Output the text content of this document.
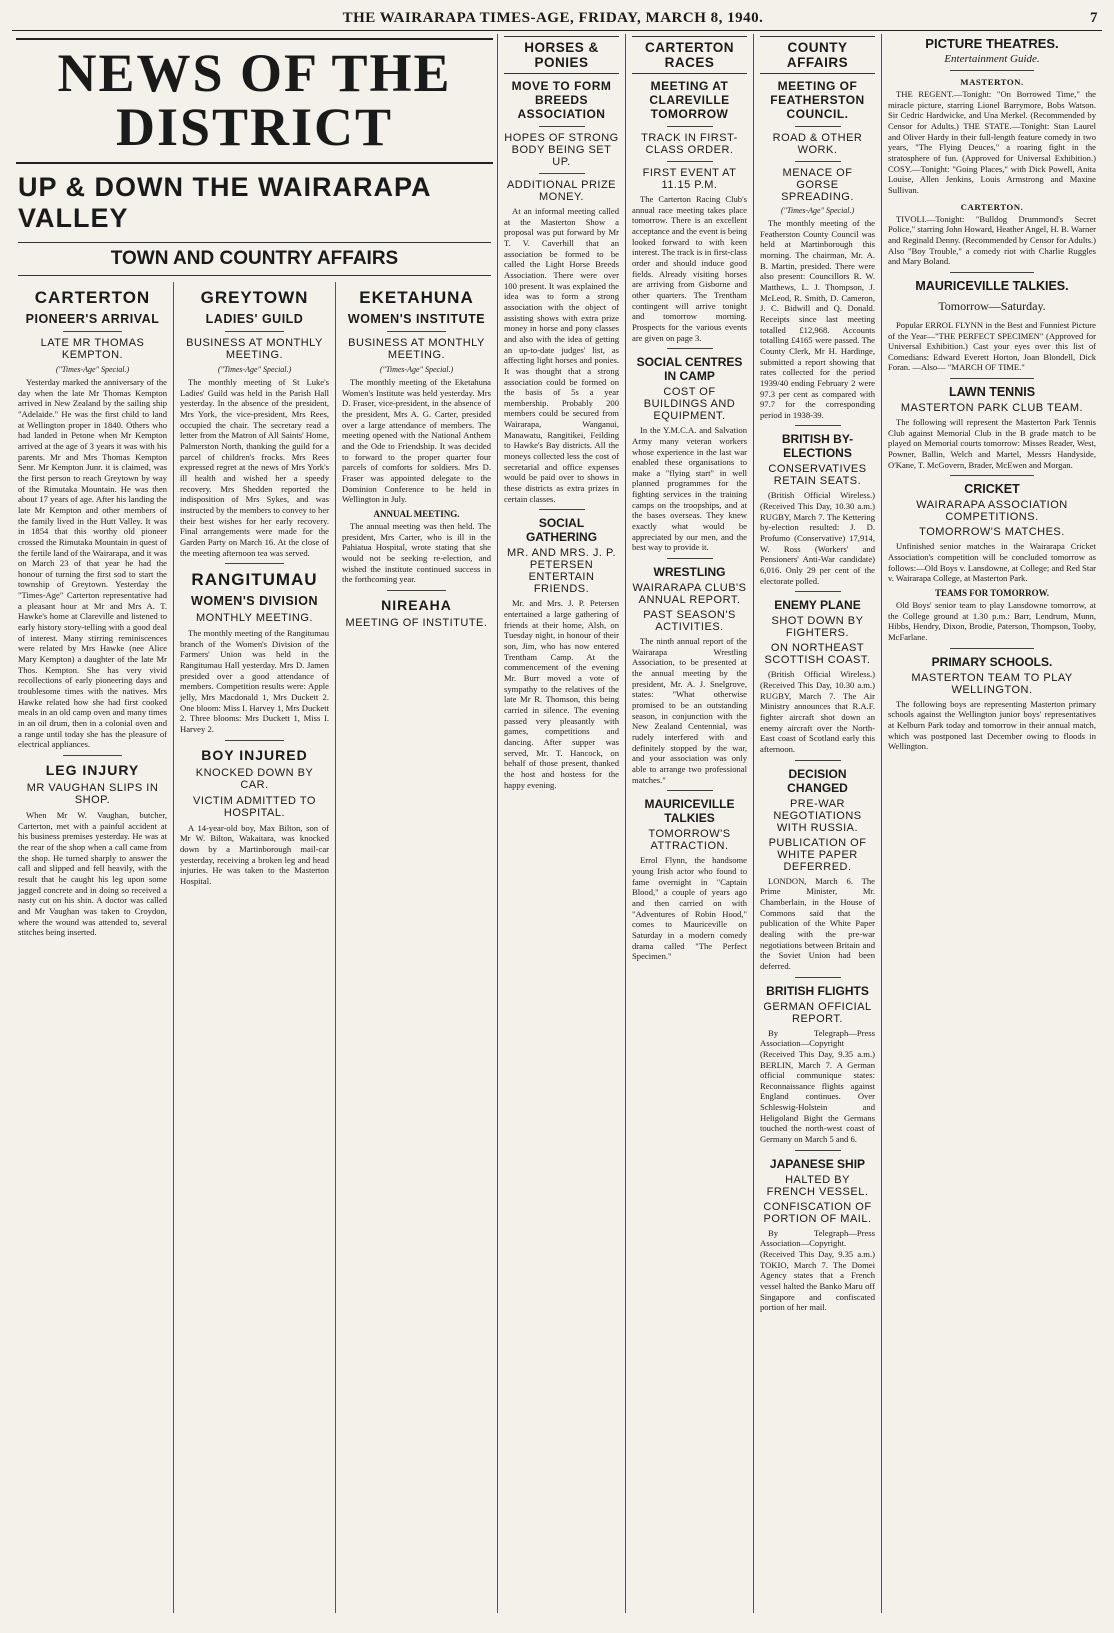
THE WAIRARAPA TIMES-AGE, FRIDAY, MARCH 8, 1940.	7
NEWS OF THE DISTRICT
UP & DOWN THE WAIRARAPA VALLEY
TOWN AND COUNTRY AFFAIRS
CARTERTON
PIONEER'S ARRIVAL
LATE MR THOMAS KEMPTON.
("Times-Age" Special.)

Yesterday marked the anniversary of the day when the late Mr Thomas Kempton arrived in New Zealand by the sailing ship "Adelaide." He was the first child to land at Wellington proper in 1840. Others who had landed in Petone when Mr Kempton arrived at the age of 3 years it was with his parents. Mr and Mrs Thomas Kempton Senr. Mr Kempton Junr. it is claimed, was the first person to reach Greytown by way of the Rimutaka Mountain. He was then about 17 years of age. After his landing the late Mr Kempton and other members of the family lived in the Hutt Valley. It was in 1854 that this worthy old pioneer crossed the Rimutaka Mountain in quest of the fertile land of the Wairarapa, and it was on March 23 of that year he had the honour of turning the first sod to start the township of Greytown. Yesterday the "Times-Age" Carterton representative had a pleasant hour at Mr and Mrs A. T. Hawke's home at Clareville and listened to early history story-telling with a good deal of interest. Many stirring reminiscences were related by Mrs Hawke (nee Alice Mary Kempton) a daughter of the late Mr Thos. Kempton. She has very vivid recollections of early pioneering days and troublesome times with the natives. Mrs Hawke related how she had first cooked meals in an old camp oven and many times in an oil drum, then in a colonial oven and a range until today she has the pleasure of electrical appliances.

LEG INJURY
MR VAUGHAN SLIPS IN SHOP.

When Mr W. Vaughan, butcher, Carterton, met with a painful accident at his business premises yesterday. He was at the rear of the shop when a call came from the shop. He turned sharply to answer the call and slipped and fell heavily, with the result that he caught his leg upon some jagged concrete and in doing so received a nasty cut on his shin. A doctor was called and Mr Vaughan was taken to Croydon, where the wound was attended to, several stitches being inserted.

GREYTOWN
LADIES' GUILD
BUSINESS AT MONTHLY MEETING.
("Times-Age" Special.)

The monthly meeting of St Luke's Ladies' Guild was held in the Parish Hall yesterday. In the absence of the president, Mrs York, the vice-president, Mrs Rees, occupied the chair. The secretary read a letter from the Matron of All Saints' Home, Palmerston North, thanking the guild for a parcel of children's frocks. Mrs Rees expressed regret at the news of Mrs York's ill health and wished her a speedy recovery. Mrs Shedden reported the indisposition of Mrs Sykes, and was instructed by the members to convey to her their best wishes for her early recovery. Final arrangements were made for the Garden Party on March 16. At the close of the meeting afternoon tea was served.

RANGITUMAU
WOMEN'S DIVISION
MONTHLY MEETING.

The monthly meeting of the Rangitumau branch of the Women's Division of the Farmers' Union was held in the Rangitumau Hall yesterday. Mrs D. Jamen presided over a good attendance of members. Competition results were: Apple jelly, Mrs Macdonald 1, Mrs Duckett 2. One bloom: Miss I. Harvey 1, Mrs Duckett 2. Three blooms: Mrs Duckett 1, Miss I. Harvey 2.

BOY INJURED
KNOCKED DOWN BY CAR.
VICTIM ADMITTED TO HOSPITAL.

A 14-year-old boy, Max Bilton, son of Mr W. Bilton, Wakaitara, was knocked down by a Martinborough mail-car yesterday, receiving a broken leg and head injuries. He was taken to the Masterton Hospital.

EKETAHUNA
WOMEN'S INSTITUTE
BUSINESS AT MONTHLY MEETING.
("Times-Age" Special.)

The monthly meeting of the Eketahuna Women's Institute was held yesterday. Mrs D. Fraser, vice-president, in the absence of the president, Mrs A. G. Carter, presided over a large attendance of members. The meeting opened with the National Anthem and the Ode to Friendship. It was decided to forward to the proper quarter four parcels of comforts for soldiers. Mrs D. Fraser was appointed delegate to the Dominion Conference to be held in Wellington in July.

ANNUAL MEETING.

The annual meeting was then held. The president, Mrs Carter, who is ill in the Pahiatua Hospital, wrote stating that she would not be seeking re-election, and wished the institute continued success in the forthcoming year.

NIREAHA
MEETING OF INSTITUTE.
HORSES & PONIES
MOVE TO FORM BREEDS ASSOCIATION
HOPES OF STRONG BODY BEING SET UP.
ADDITIONAL PRIZE MONEY.

At an informal meeting called at the Masterton Show a proposal was put forward by Mr T. V. Caverhill that an association be formed to be called the Light Horse Breeds Association. There were over 100 present. It was explained the idea was to form a strong association with the object of assisting shows with extra prize money in horse and pony classes and also with the idea of getting an up-to-date judges' list, as affecting light horses and ponies. It was thought that a strong association could be formed on the basis of 5s a year membership. Probably 200 members could be secured from Wairarapa, Wanganui, Manawatu, Rangitikei, Feilding to Hawke's Bay districts. All the moneys collected less the cost of secretarial and office expenses would be paid over to shows in these districts as extra prizes in certain classes.

SOCIAL GATHERING
MR. AND MRS. J. P. PETERSEN ENTERTAIN FRIENDS.

Mr. and Mrs. J. P. Petersen entertained a large gathering of friends at their home, Alsh, on Tuesday night, in honour of their son, Jim, who has now entered Trentham Camp. At the commencement of the evening Mr. Burr moved a vote of sympathy to the relatives of the late Mr R. Thomson, this being carried in silence. The evening passed very pleasantly with games, competitions and dancing. After supper was served, Mr. T. Hancock, on behalf of those present, thanked the host and hostess for the happy evening.

CARTERTON RACES
MEETING AT CLAREVILLE TOMORROW
TRACK IN FIRST-CLASS ORDER.
FIRST EVENT AT 11.15 P.M.

The Carterton Racing Club's annual race meeting takes place tomorrow. There is an excellent acceptance and the event is being looked forward to with keen interest. The track is in first-class order and should induce good fields. Already visiting horses are arriving from Gisborne and other quarters. The Trentham contingent will arrive tonight and tomorrow morning. Prospects for the various events are given on page 3.

SOCIAL CENTRES IN CAMP
COST OF BUILDINGS AND EQUIPMENT.

In the Y.M.C.A. and Salvation Army many veteran workers whose experience in the last war enabled these organisations to make a "flying start" in well planned programmes for the fighting services in the training camps on the troopships, and at the bases overseas. They knew exactly what would be appreciated by our men, and the best way to provide it.

WRESTLING
WAIRARAPA CLUB'S ANNUAL REPORT.
PAST SEASON'S ACTIVITIES.

The ninth annual report of the Wairarapa Wrestling Association, to be presented at the annual meeting by the president, Mr. A. J. Snelgrove, states: "What otherwise promised to be an outstanding season, in conjunction with the New Zealand Centennial, was rudely interfered with and definitely stopped by the war, and your association was only able to arrange two professional matches."

MAURICEVILLE TALKIES
TOMORROW'S ATTRACTION.

Errol Flynn, the handsome young Irish actor who found to fame overnight in "Captain Blood," a couple of years ago and then carried on with "Adventures of Robin Hood," comes to Mauriceville on Saturday in a modern comedy drama called "The Perfect Specimen."

COUNTY AFFAIRS
MEETING OF FEATHERSTON COUNCIL.
ROAD & OTHER WORK.
MENACE OF GORSE SPREADING.
("Times-Age" Special.)

The monthly meeting of the Featherston County Council was held at Martinborough this morning. The chairman, Mr. A. B. Martin, presided. There were also present: Councillors R. W. Matthews, L. J. Thompson, J. McLeod, R. Smith, D. Cameron, J. C. Bidwill and Q. Donald. Receipts since last meeting totalled £12,968. Accounts totalling £4165 were passed. The County Clerk, Mr H. Hardinge, submitted a report showing that rates collected for the period 1939/40 ending February 2 were 97.3 per cent as compared with 97.7 for the corresponding period in 1938-39.

BRITISH BY-ELECTIONS
CONSERVATIVES RETAIN SEATS.

(British Official Wireless.) (Received This Day, 10.30 a.m.) RUGBY, March 7. The Kettering by-election resulted: J. D. Profumo (Conservative) 17,914, W. Ross (Workers' and Pensioners' Anti-War candidate) 6,016. Only 29 per cent of the electorate polled.

ENEMY PLANE
SHOT DOWN BY FIGHTERS.
ON NORTHEAST SCOTTISH COAST.

(British Official Wireless.) (Received This Day, 10.30 a.m.) RUGBY, March 7. The Air Ministry announces that R.A.F. fighter aircraft shot down an enemy aircraft over the North-East coast of Scotland early this afternoon.

DECISION CHANGED
PRE-WAR NEGOTIATIONS WITH RUSSIA.
PUBLICATION OF WHITE PAPER DEFERRED.

LONDON, March 6. The Prime Minister, Mr. Chamberlain, in the House of Commons said that the publication of the White Paper dealing with the pre-war negotiations between Britain and the Soviet Union had been deferred.

BRITISH FLIGHTS
GERMAN OFFICIAL REPORT.

By Telegraph—Press Association—Copyright (Received This Day, 9.35 a.m.) BERLIN, March 7. A German official communique states: Reconnaissance flights against England continues. Over Schleswig-Holstein and Heligoland Bight the Germans touched the north-west coast of Germany on March 5 and 6.

JAPANESE SHIP
HALTED BY FRENCH VESSEL.
CONFISCATION OF PORTION OF MAIL.

By Telegraph—Press Association—Copyright. (Received This Day, 9.35 a.m.) TOKIO, March 7. The Domei Agency states that a French vessel halted the Banko Maru off Singapore and confiscated portion of her mail.

PICTURE THEATRES.
Entertainment Guide.
MASTERTON.

THE REGENT.—Tonight: "On Borrowed Time," the miracle picture, starring Lionel Barrymore, Bobs Watson. Sir Cedric Hardwicke, and Una Merkel. (Recommended by Censor for Adults.) THE STATE.—Tonight: Stan Laurel and Oliver Hardy in their full-length feature comedy in two years, "The Flying Deuces," a roaring fight in the stratosphere of fun. (Approved for Universal Exhibition.) COSY.—Tonight: "Going Places," with Dick Powell, Anita Louise, Allen Jenkins, Louis Armstrong and Maxine Sullivan.

CARTERTON.

TIVOLI.—Tonight: "Bulldog Drummond's Secret Police," starring John Howard, Heather Angel, H. B. Warner and Reginald Denny. (Recommended by Censor for Adults.) Also "Boy Trouble," a comedy riot with Charlie Ruggles and Mary Boland.

MAURICEVILLE TALKIES.
Tomorrow—Saturday.

Popular ERROL FLYNN in the Best and Funniest Picture of the Year—"THE PERFECT SPECIMEN" (Approved for Universal Exhibition.) Cast your eyes over this list of Comedians: Edward Everett Horton, Joan Blondell, Dick Foran. —Also— "MARCH OF TIME."

LAWN TENNIS
MASTERTON PARK CLUB TEAM.

The following will represent the Masterton Park Tennis Club against Memorial Club in the B grade match to be played on Memorial courts tomorrow: Misses Reader, West, Powner, Ballin, Welch and Martel, Messrs Handyside, O'Kane, T. McGovern, Brader, McEwen and Morgan.

CRICKET
WAIRARAPA ASSOCIATION COMPETITIONS.
TOMORROW'S MATCHES.

Unfinished senior matches in the Wairarapa Cricket Association's competition will be concluded tomorrow as follows:—Old Boys v. Lansdowne, at College; and Red Star v. Wairarapa College, at Masterton Park.

TEAMS FOR TOMORROW.

Old Boys' senior team to play Lansdowne tomorrow, at the College ground at 1.30 p.m.: Barr, Lendrum, Munn, Hibbs, Hendry, Dixon, Brodie, Paterson, Thompson, Tooby, McFarlane.

PRIMARY SCHOOLS.
MASTERTON TEAM TO PLAY WELLINGTON.

The following boys are representing Masterton primary schools against the Wellington junior boys' representatives at Kelburn Park today and tomorrow in their annual match, which was postponed last December owing to floods in Wellington.
